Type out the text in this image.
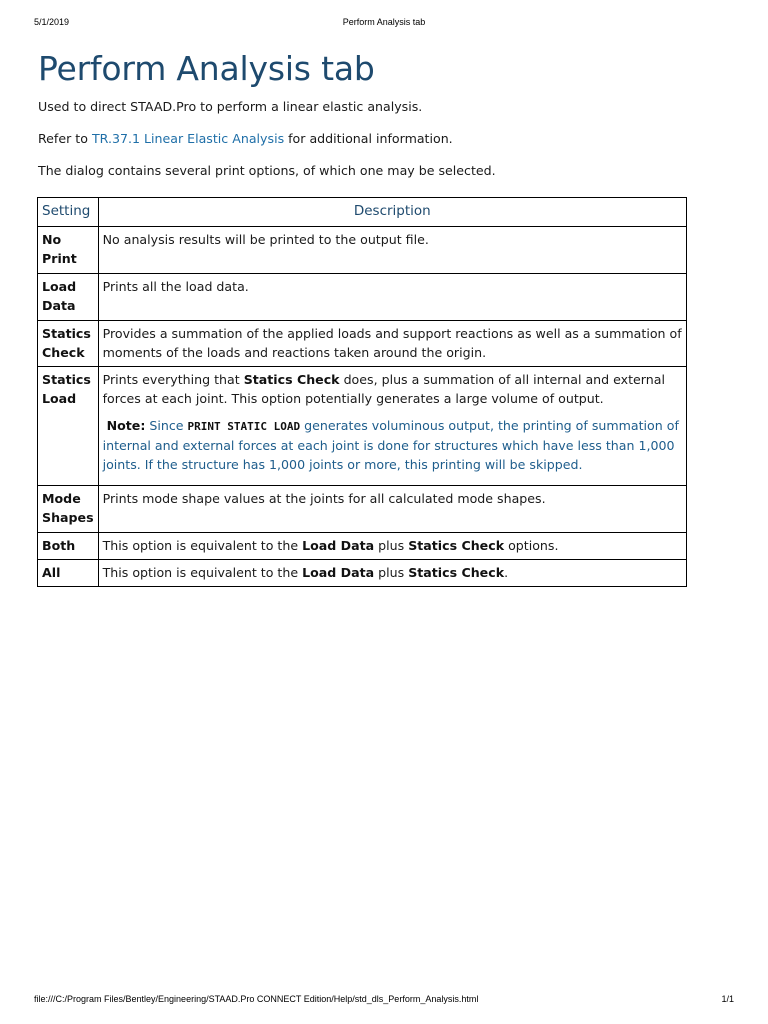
5/1/2019	Perform Analysis tab
Perform Analysis tab

Used to direct STAAD.Pro to perform a linear elastic analysis.

Refer to TR.37.1 Linear Elastic Analysis for additional information.

The dialog contains several print options, of which one may be selected.

Setting	Description
No Print	No analysis results will be printed to the output file.
Load Data	Prints all the load data.
Statics Check	Provides a summation of the applied loads and support reactions as well as a summation of moments of the loads and reactions taken around the origin.
Statics Load	Prints everything that Statics Check does, plus a summation of all internal and external forces at each joint. This option potentially generates a large volume of output.
Note: Since PRINT STATIC LOAD generates voluminous output, the printing of summation of internal and external forces at each joint is done for structures which have less than 1,000 joints. If the structure has 1,000 joints or more, this printing will be skipped.

Mode Shapes	Prints mode shape values at the joints for all calculated mode shapes.
Both	This option is equivalent to the Load Data plus Statics Check options.
All	This option is equivalent to the Load Data plus Statics Check.
file:///C:/Program Files/Bentley/Engineering/STAAD.Pro CONNECT Edition/Help/std_dls_Perform_Analysis.html	1/1
